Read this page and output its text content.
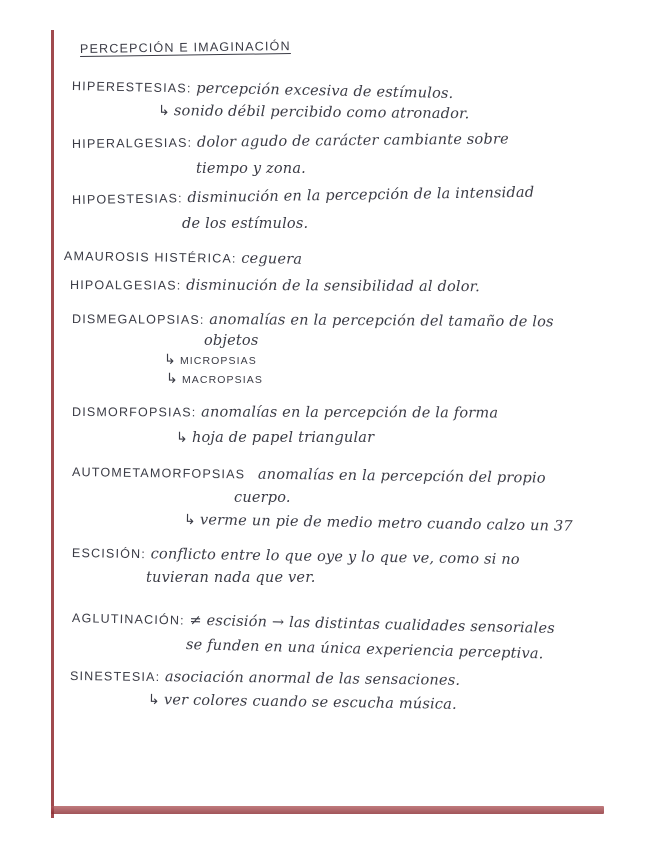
PERCEPCIÓN E IMAGINACIÓN
HIPERESTESIAS: percepción excesiva de estímulos.
↳ sonido débil percibido como atronador.
HIPERALGESIAS: dolor agudo de carácter cambiante sobre
tiempo y zona.
HIPOESTESIAS: disminución en la percepción de la intensidad
de los estímulos.
AMAUROSIS HISTÉRICA: ceguera
HIPOALGESIAS: disminución de la sensibilidad al dolor.
DISMEGALOPSIAS: anomalías en la percepción del tamaño de los
objetos
↳ MICROPSIAS
↳ MACROPSIAS
DISMORFOPSIAS: anomalías en la percepción de la forma
↳ hoja de papel triangular
AUTOMETAMORFOPSIAS anomalías en la percepción del propio
cuerpo.
↳ verme un pie de medio metro cuando calzo un 37
ESCISIÓN: conflicto entre lo que oye y lo que ve, como si no
tuvieran nada que ver.
AGLUTINACIÓN: ≠ escisión → las distintas cualidades sensoriales
se funden en una única experiencia perceptiva.
SINESTESIA: asociación anormal de las sensaciones.
↳ ver colores cuando se escucha música.
